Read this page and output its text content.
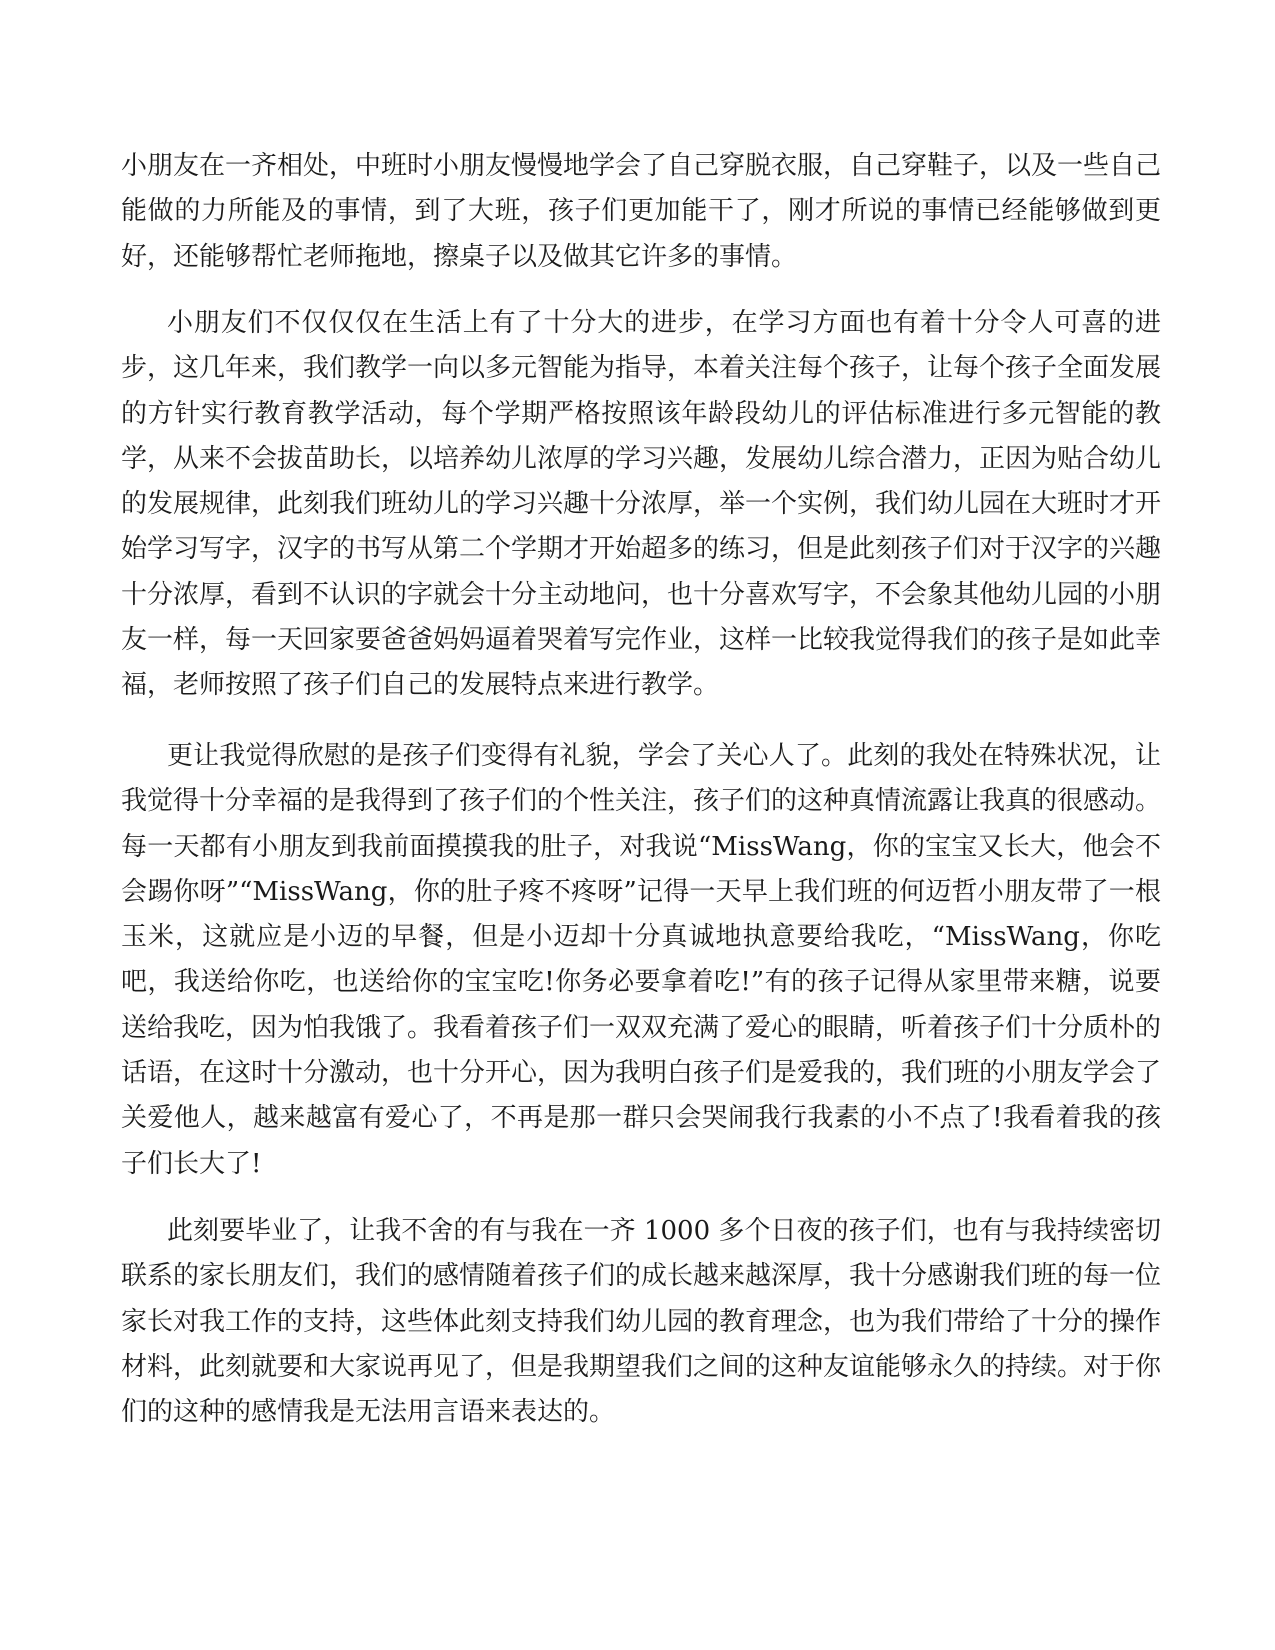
小朋友在一齐相处，中班时小朋友慢慢地学会了自己穿脱衣服，自己穿鞋子，以及一些自己能做的力所能及的事情，到了大班，孩子们更加能干了，刚才所说的事情已经能够做到更好，还能够帮忙老师拖地，擦桌子以及做其它许多的事情。
小朋友们不仅仅仅在生活上有了十分大的进步，在学习方面也有着十分令人可喜的进步，这几年来，我们教学一向以多元智能为指导，本着关注每个孩子，让每个孩子全面发展的方针实行教育教学活动，每个学期严格按照该年龄段幼儿的评估标准进行多元智能的教学，从来不会拔苗助长，以培养幼儿浓厚的学习兴趣，发展幼儿综合潜力，正因为贴合幼儿的发展规律，此刻我们班幼儿的学习兴趣十分浓厚，举一个实例，我们幼儿园在大班时才开始学习写字，汉字的书写从第二个学期才开始超多的练习，但是此刻孩子们对于汉字的兴趣十分浓厚，看到不认识的字就会十分主动地问，也十分喜欢写字，不会象其他幼儿园的小朋友一样，每一天回家要爸爸妈妈逼着哭着写完作业，这样一比较我觉得我们的孩子是如此幸福，老师按照了孩子们自己的发展特点来进行教学。
更让我觉得欣慰的是孩子们变得有礼貌，学会了关心人了。此刻的我处在特殊状况，让我觉得十分幸福的是我得到了孩子们的个性关注，孩子们的这种真情流露让我真的很感动。每一天都有小朋友到我前面摸摸我的肚子，对我说“MissWang，你的宝宝又长大，他会不会踢你呀”“MissWang，你的肚子疼不疼呀”记得一天早上我们班的何迈哲小朋友带了一根玉米，这就应是小迈的早餐，但是小迈却十分真诚地执意要给我吃，“MissWang，你吃吧，我送给你吃，也送给你的宝宝吃!你务必要拿着吃!”有的孩子记得从家里带来糖，说要送给我吃，因为怕我饿了。我看着孩子们一双双充满了爱心的眼睛，听着孩子们十分质朴的话语，在这时十分激动，也十分开心，因为我明白孩子们是爱我的，我们班的小朋友学会了关爱他人，越来越富有爱心了，不再是那一群只会哭闹我行我素的小不点了!我看着我的孩子们长大了!
此刻要毕业了，让我不舍的有与我在一齐 1000 多个日夜的孩子们，也有与我持续密切联系的家长朋友们，我们的感情随着孩子们的成长越来越深厚，我十分感谢我们班的每一位家长对我工作的支持，这些体此刻支持我们幼儿园的教育理念，也为我们带给了十分的操作材料，此刻就要和大家说再见了，但是我期望我们之间的这种友谊能够永久的持续。对于你们的这种的感情我是无法用言语来表达的。
